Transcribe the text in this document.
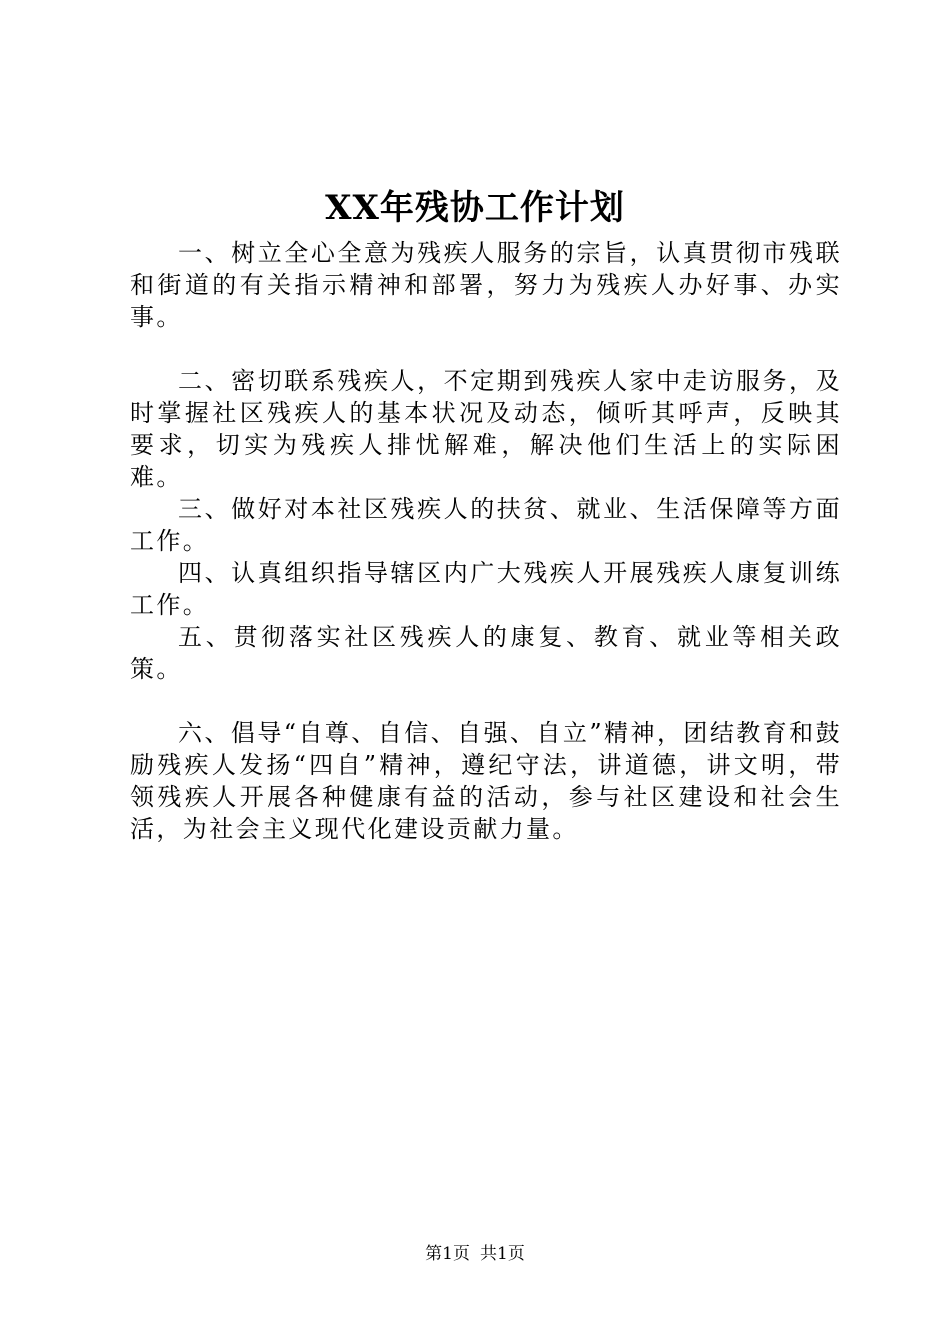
XX年残协工作计划

一、树立全心全意为残疾人服务的宗旨，认真贯彻市残联和街道的有关指示精神和部署，努力为残疾人办好事、办实事。

二、密切联系残疾人，不定期到残疾人家中走访服务，及时掌握社区残疾人的基本状况及动态，倾听其呼声，反映其要求，切实为残疾人排忧解难，解决他们生活上的实际困难。

三、做好对本社区残疾人的扶贫、就业、生活保障等方面工作。

四、认真组织指导辖区内广大残疾人开展残疾人康复训练工作。

五、贯彻落实社区残疾人的康复、教育、就业等相关政策。

六、倡导“自尊、自信、自强、自立”精神，团结教育和鼓励残疾人发扬“四自”精神，遵纪守法，讲道德，讲文明，带领残疾人开展各种健康有益的活动，参与社区建设和社会生活，为社会主义现代化建设贡献力量。

第1页 共1页
